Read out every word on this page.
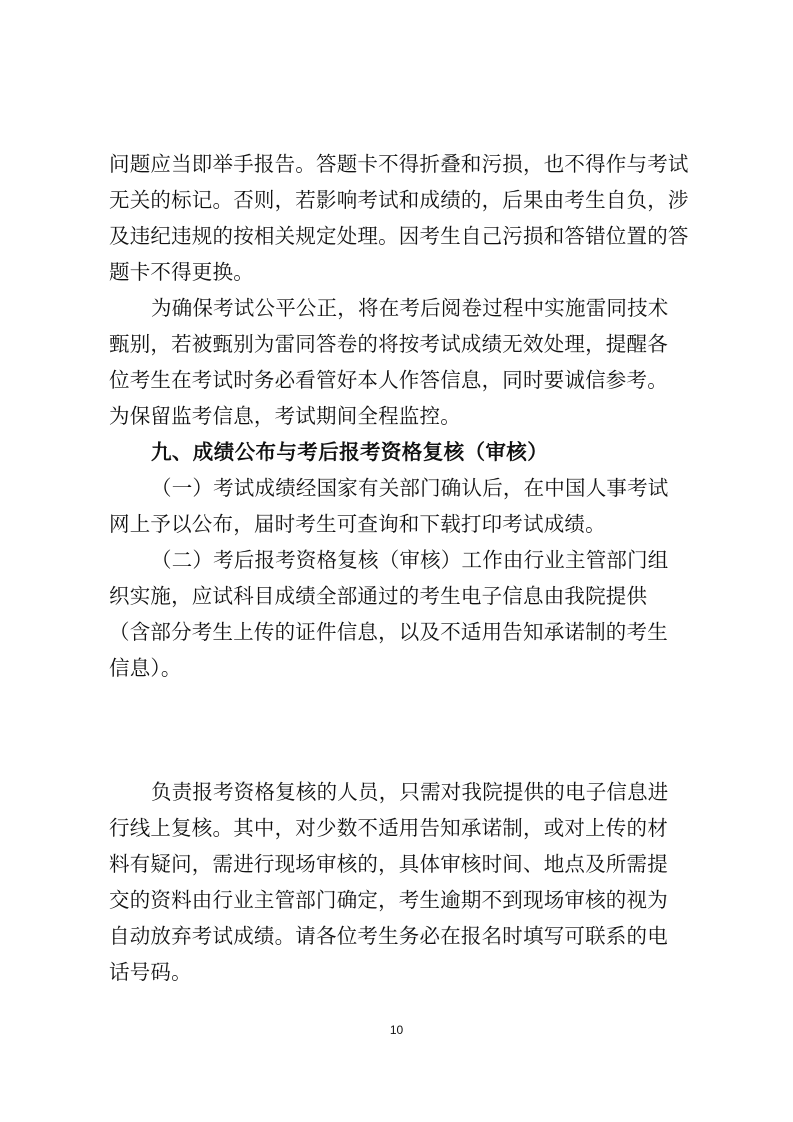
问题应当即举手报告。答题卡不得折叠和污损，也不得作与考试
无关的标记。否则，若影响考试和成绩的，后果由考生自负，涉
及违纪违规的按相关规定处理。因考生自己污损和答错位置的答
题卡不得更换。
为确保考试公平公正，将在考后阅卷过程中实施雷同技术
甄别，若被甄别为雷同答卷的将按考试成绩无效处理，提醒各
位考生在考试时务必看管好本人作答信息，同时要诚信参考。
为保留监考信息，考试期间全程监控。
九、成绩公布与考后报考资格复核（审核）
（一）考试成绩经国家有关部门确认后，在中国人事考试
网上予以公布，届时考生可查询和下载打印考试成绩。
（二）考后报考资格复核（审核）工作由行业主管部门组
织实施，应试科目成绩全部通过的考生电子信息由我院提供
（含部分考生上传的证件信息，以及不适用告知承诺制的考生
信息）。
负责报考资格复核的人员，只需对我院提供的电子信息进
行线上复核。其中，对少数不适用告知承诺制，或对上传的材
料有疑问，需进行现场审核的，具体审核时间、地点及所需提
交的资料由行业主管部门确定，考生逾期不到现场审核的视为
自动放弃考试成绩。请各位考生务必在报名时填写可联系的电
话号码。
10
